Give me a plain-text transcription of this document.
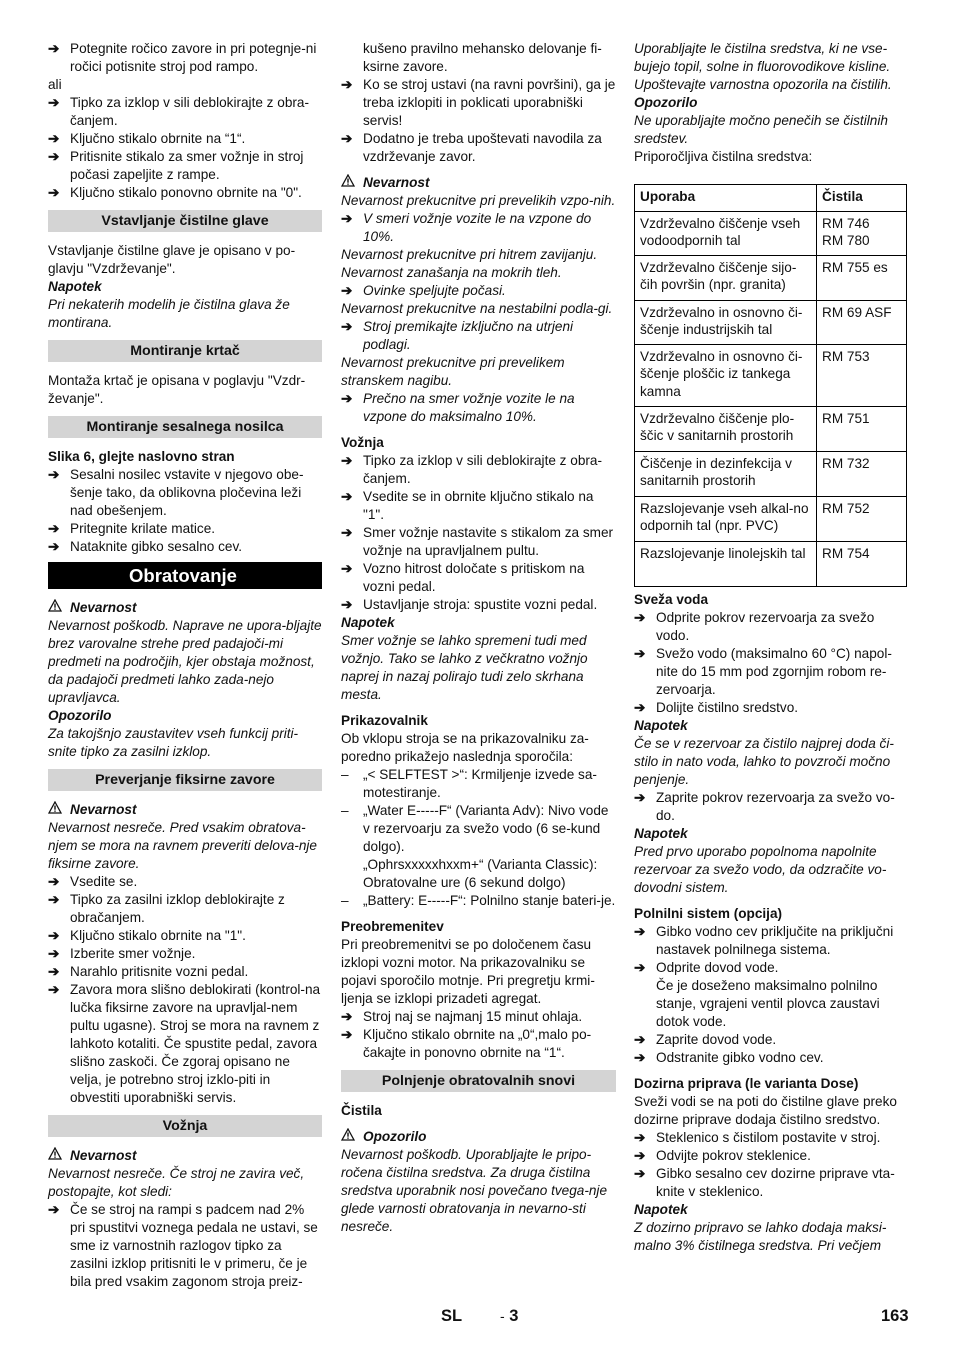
➔ Potegnite ročico zavore in pri potegnje-ni ročici potisnite stroj pod rampo.
ali
➔ Tipko za izklop v sili deblokirajte z obra-čanjem.
➔ Ključno stikalo obrnite na “1“.
➔ Pritisnite stikalo za smer vožnje in stroj počasi zapeljite z rampe.
➔ Ključno stikalo ponovno obrnite na "0".
Vstavljanje čistilne glave
Vstavljanje čistilne glave je opisano v po-glavju "Vzdrževanje".
Napotek
Pri nekaterih modelih je čistilna glava že montirana.
Montiranje krtač
Montaža krtač je opisana v poglavju "Vzdr-ževanje".
Montiranje sesalnega nosilca
Slika 6, glejte naslovno stran
➔ Sesalni nosilec vstavite v njegovo obe-šenje tako, da oblikovna pločevina leži nad obešenjem.
➔ Pritegnite krilate matice.
➔ Nataknite gibko sesalno cev.
Obratovanje
Nevarnost
Nevarnost poškodb. Naprave ne upora-bljajte brez varovalne strehe pred padajoči-mi predmeti na področjih, kjer obstaja možnost, da padajoči predmeti lahko zada-nejo upravljavca.
Opozorilo
Za takojšnjo zaustavitev vseh funkcij priti-snite tipko za zasilni izklop.
Preverjanje fiksirne zavore
Nevarnost
Nevarnost nesreče. Pred vsakim obratova-njem se mora na ravnem preveriti delova-nje fiksirne zavore.
➔ Vsedite se.
➔ Tipko za zasilni izklop deblokirajte z obračanjem.
➔ Ključno stikalo obrnite na "1".
➔ Izberite smer vožnje.
➔ Narahlo pritisnite vozni pedal.
➔ Zavora mora slišno deblokirati (kontrol-na lučka fiksirne zavore na upravljal-nem pultu ugasne). Stroj se mora na ravnem z lahkoto kotaliti. Če spustite pedal, zavora slišno zaskoči. Če zgoraj opisano ne velja, je potrebno stroj izklo-piti in obvestiti uporabniški servis.
Vožnja
Nevarnost
Nevarnost nesreče. Če stroj ne zavira več, postopajte, kot sledi:
➔ Če se stroj na rampi s padcem nad 2% pri spustitvi voznega pedala ne ustavi, se sme iz varnostnih razlogov tipko za zasilni izklop pritisniti le v primeru, če je bila pred vsakim zagonom stroja preiz-
kušeno pravilno mehansko delovanje fi-ksirne zavore.
➔ Ko se stroj ustavi (na ravni površini), ga je treba izklopiti in poklicati uporabniški servis!
➔ Dodatno je treba upoštevati navodila za vzdrževanje zavor.
Nevarnost
Nevarnost prekucnitve pri prevelikih vzpo-nih.
➔ V smeri vožnje vozite le na vzpone do 10%.
Nevarnost prekucnitve pri hitrem zavijanju. Nevarnost zanašanja na mokrih tleh.
➔ Ovinke speljujte počasi.
Nevarnost prekucnitve na nestabilni podla-gi.
➔ Stroj premikajte izključno na utrjeni podlagi.
Nevarnost prekucnitve pri prevelikem stranskem nagibu.
➔ Prečno na smer vožnje vozite le na vzpone do maksimalno 10%.
Vožnja
➔ Tipko za izklop v sili deblokirajte z obra-čanjem.
➔ Vsedite se in obrnite ključno stikalo na "1".
➔ Smer vožnje nastavite s stikalom za smer vožnje na upravljalnem pultu.
➔ Vozno hitrost določate s pritiskom na vozni pedal.
➔ Ustavljanje stroja: spustite vozni pedal.
Napotek
Smer vožnje se lahko spremeni tudi med vožnjo. Tako se lahko z večkratno vožnjo naprej in nazaj polirajo tudi zelo skrhana mesta.
Prikazovalnik
Ob vklopu stroja se na prikazovalniku za-poredno prikažejo naslednja sporočila:
– „< SELFTEST >“: Krmiljenje izvede sa-motestiranje.
– „Water E-----F“ (Varianta Adv): Nivo vode v rezervoarju za svežo vodo (6 se-kund dolgo).
„Ophrsxxxxxhxxm+“ (Varianta Classic): Obratovalne ure (6 sekund dolgo)
– „Battery: E-----F“: Polnilno stanje bateri-je.
Preobremenitev
Pri preobremenitvi se po določenem času izklopi vozni motor. Na prikazovalniku se pojavi sporočilo motnje. Pri pregretju krmi-ljenja se izklopi prizadeti agregat.
➔ Stroj naj se najmanj 15 minut ohlaja.
➔ Ključno stikalo obrnite na „0“,malo po-čakajte in ponovno obrnite na “1“.
Polnjenje obratovalnih snovi
Čistila
Opozorilo
Nevarnost poškodb. Uporabljajte le pripo-ročena čistilna sredstva. Za druga čistilna sredstva uporabnik nosi povečano tvega-nje glede varnosti obratovanja in nevarno-sti nesreče.
Uporabljajte le čistilna sredstva, ki ne vse-bujejo topil, solne in fluorovodikove kisline. Upoštevajte varnostna opozorila na čistilih.
Opozorilo
Ne uporabljajte močno penečih se čistilnih sredstev.
Priporočljiva čistilna sredstva:
Uporaba	Čistila
Vzdrževalno čiščenje vseh vodoodpornih tal	RM 746
RM 780
Vzdrževalno čiščenje sijo-čih površin (npr. granita)	RM 755 es
Vzdrževalno in osnovno či-ščenje industrijskih tal	RM 69 ASF
Vzdrževalno in osnovno či-ščenje ploščic iz tankega kamna	RM 753
Vzdrževalno čiščenje plo-ščic v sanitarnih prostorih	RM 751
Čiščenje in dezinfekcija v sanitarnih prostorih	RM 732
Razslojevanje vseh alkal-no odpornih tal (npr. PVC)	RM 752
Razslojevanje linolejskih tal	RM 754
Sveža voda
➔ Odprite pokrov rezervoarja za svežo vodo.
➔ Svežo vodo (maksimalno 60 °C) napol-nite do 15 mm pod zgornjim robom re-zervoarja.
➔ Dolijte čistilno sredstvo.
Napotek
Če se v rezervoar za čistilo najprej doda či-stilo in nato voda, lahko to povzroči močno penjenje.
➔ Zaprite pokrov rezervoarja za svežo vo-do.
Napotek
Pred prvo uporabo popolnoma napolnite rezervoar za svežo vodo, da odzračite vo-dovodni sistem.
Polnilni sistem (opcija)
➔ Gibko vodno cev priključite na priključni nastavek polnilnega sistema.
➔ Odprite dovod vode.
Če je doseženo maksimalno polnilno stanje, vgrajeni ventil plovca zaustavi dotok vode.
➔ Zaprite dovod vode.
➔ Odstranite gibko vodno cev.
Dozirna priprava (le varianta Dose)
Sveži vodi se na poti do čistilne glave preko dozirne priprave dodaja čistilno sredstvo.
➔ Steklenico s čistilom postavite v stroj.
➔ Odvijte pokrov steklenice.
➔ Gibko sesalno cev dozirne priprave vta-knite v steklenico.
Napotek
Z dozirno pripravo se lahko dodaja maksi-malno 3% čistilnega sredstva. Pri večjem
SL	- 3	163
